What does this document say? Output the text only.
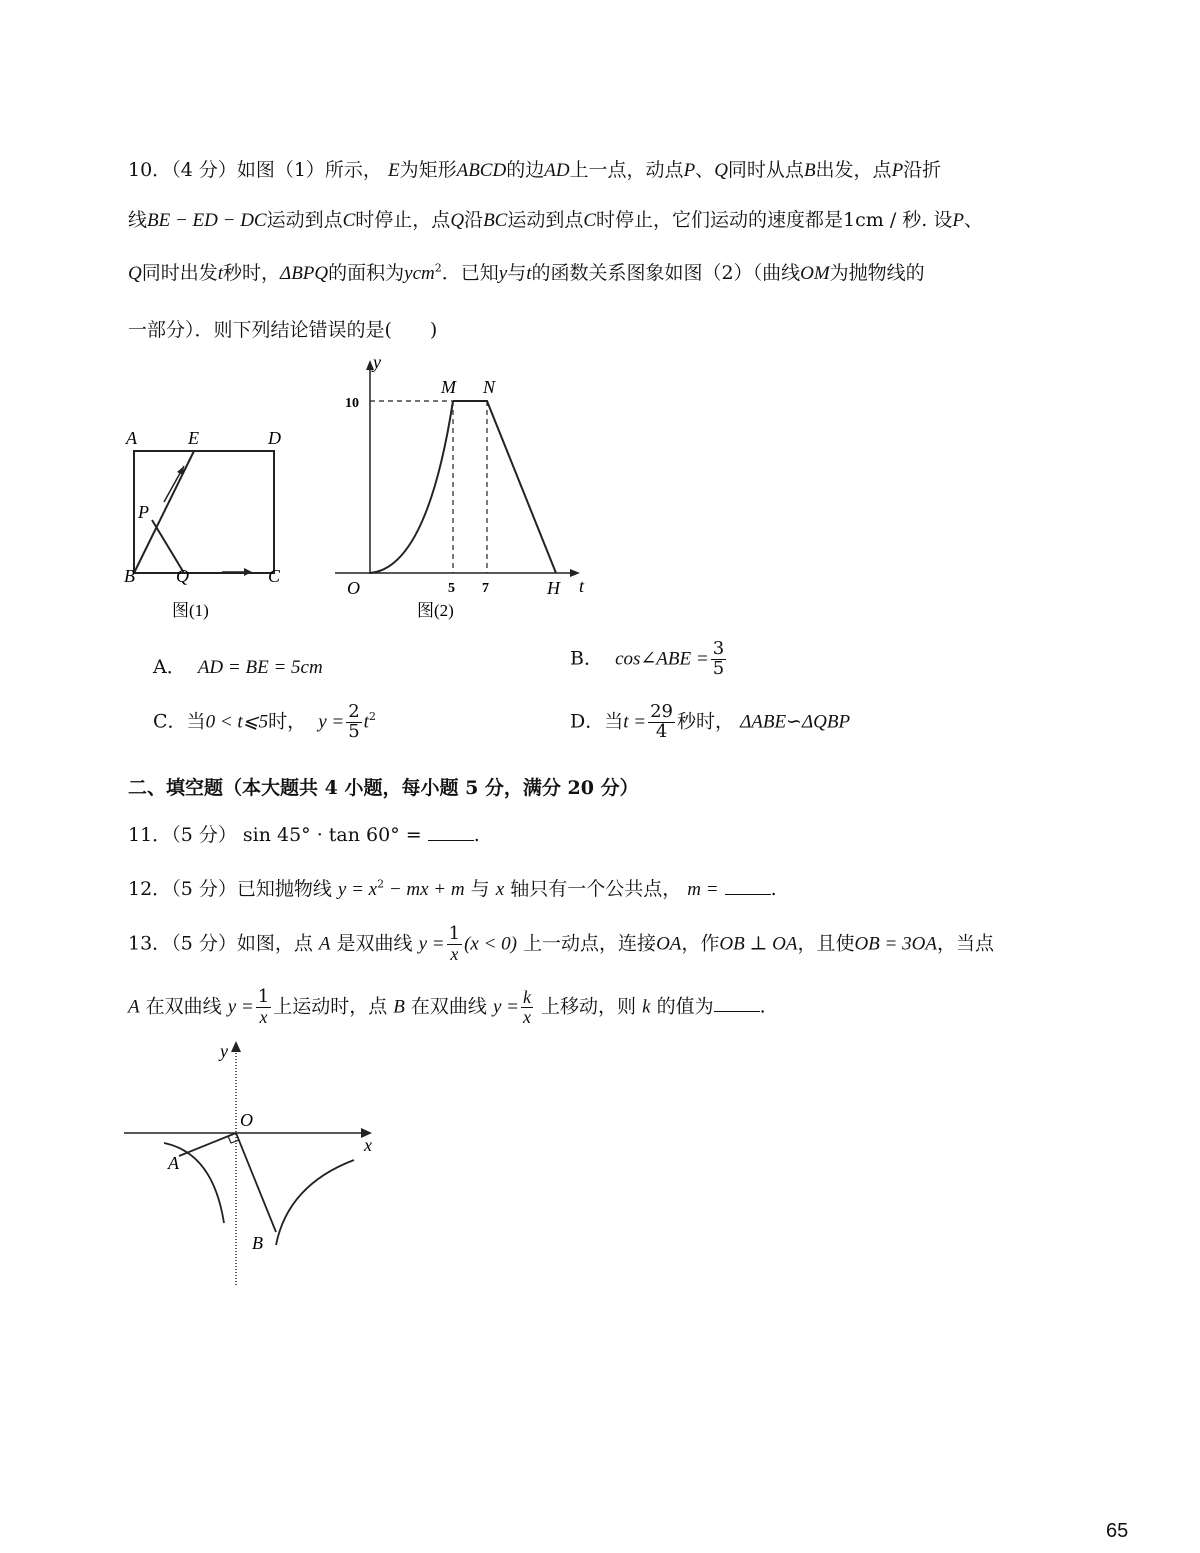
10．（4 分）如图（1）所示， E为矩形ABCD的边AD上一点，动点P、Q同时从点B出发，点P沿折
线BE − ED − DC运动到点C时停止，点Q沿BC运动到点C时停止，它们运动的速度都是1cm / 秒. 设P、
Q同时出发t秒时，ΔBPQ的面积为ycm$^2$．已知y与t的函数关系图象如图（2）（曲线OM为抛物线的
一部分）．则下列结论错误的是(　　)
A	E	D
P
B Q	C
图(1)
y
M N
10
O	5 7	H t
图(2)
A． AD = BE = 5cm	B． cos∠ABE = $\frac{3}{5}$
C．当0 < t⩽5时， $y = \frac{2}{5} t^2$	D．当$t = \frac{29}{4}$ 秒时， ΔABE∽ΔQBP
二、填空题（本大题共 4 小题，每小题 5 分，满分 20 分）
11．（5 分） sin 45° · tan 60° =	.
12．（5 分）已知抛物线 $y = x^2$ − mx + m 与 x 轴只有一个公共点， m =	.
13．（5 分）如图，点 A 是双曲线 $y = \frac{1}{x} (x < 0)$ 上一动点，连接OA，作OB ⊥ OA，且使OB = 3OA，当点
A 在双曲线 $y = \frac{1}{x}$ 上运动时，点 B 在双曲线 $y = \frac{k}{x}$ 上移动，则 k 的值为 .
y
O
x
A
B
65
